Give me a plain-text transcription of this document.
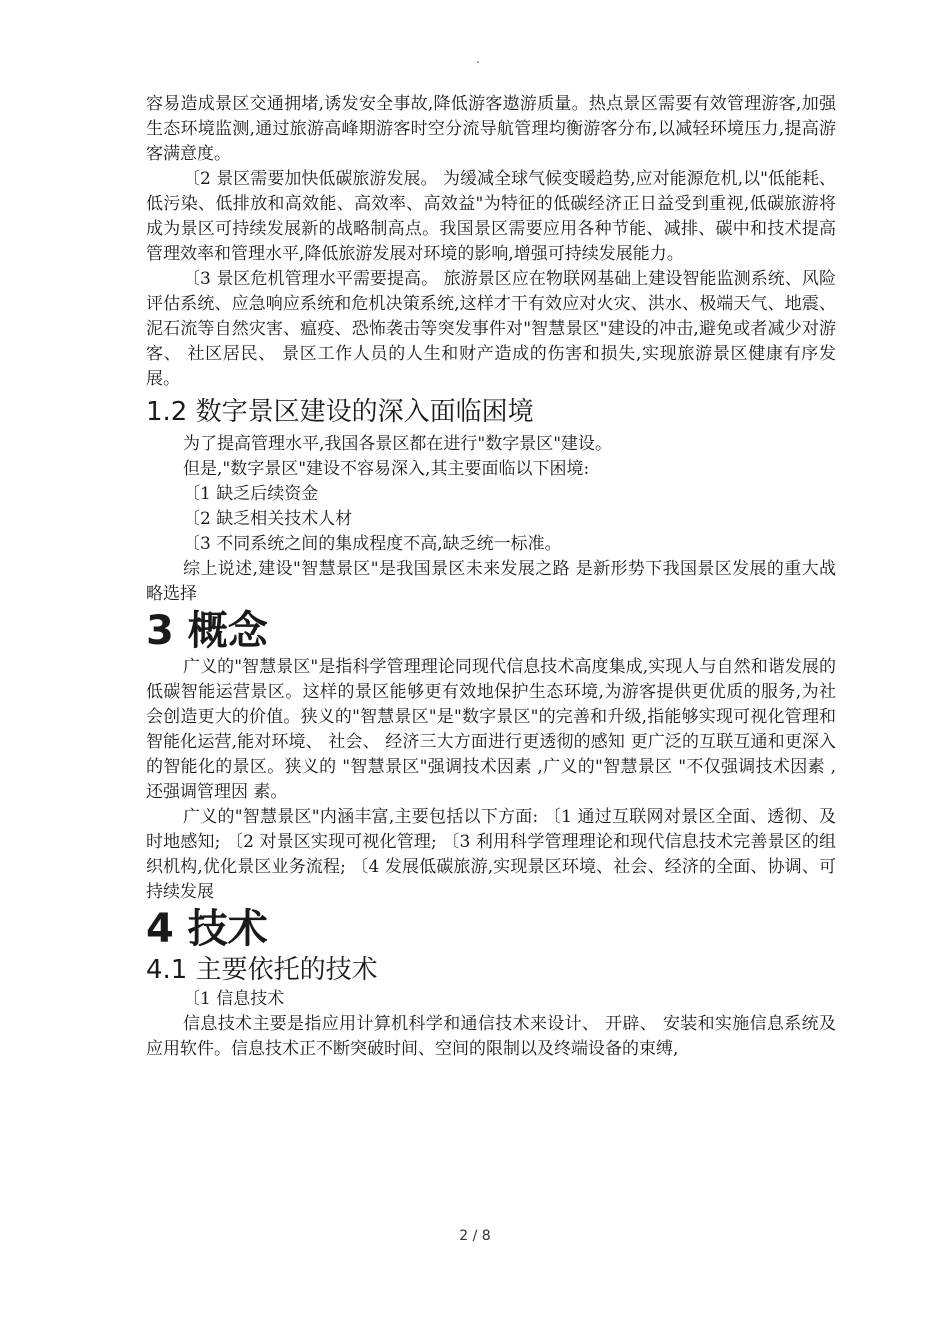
.

容易造成景区交通拥堵,诱发安全事故,降低游客遨游质量。热点景区需要有效管理游客,加强生态环境监测,通过旅游高峰期游客时空分流导航管理均衡游客分布,以减轻环境压力,提高游客满意度。

〔2 景区需要加快低碳旅游发展。 为缓减全球气候变暖趋势,应对能源危机,以"低能耗、低污染、低排放和高效能、高效率、高效益"为特征的低碳经济正日益受到重视,低碳旅游将成为景区可持续发展新的战略制高点。我国景区需要应用各种节能、减排、碳中和技术提高管理效率和管理水平,降低旅游发展对环境的影响,增强可持续发展能力。

〔3 景区危机管理水平需要提高。 旅游景区应在物联网基础上建设智能监测系统、风险评估系统、应急响应系统和危机决策系统,这样才干有效应对火灾、洪水、极端天气、地震、泥石流等自然灾害、瘟疫、恐怖袭击等突发事件对"智慧景区"建设的冲击,避免或者减少对游客、 社区居民、 景区工作人员的人生和财产造成的伤害和损失,实现旅游景区健康有序发展。

1.2 数字景区建设的深入面临困境

为了提高管理水平,我国各景区都在进行"数字景区"建设。

但是,"数字景区"建设不容易深入,其主要面临以下困境:

〔1 缺乏后续资金

〔2 缺乏相关技术人材

〔3 不同系统之间的集成程度不高,缺乏统一标准。

综上说述,建设"智慧景区"是我国景区未来发展之路 是新形势下我国景区发展的重大战略选择

3 概念

广义的"智慧景区"是指科学管理理论同现代信息技术高度集成,实现人与自然和谐发展的低碳智能运营景区。这样的景区能够更有效地保护生态环境,为游客提供更优质的服务,为社会创造更大的价值。狭义的"智慧景区"是"数字景区"的完善和升级,指能够实现可视化管理和智能化运营,能对环境、 社会、 经济三大方面进行更透彻的感知 更广泛的互联互通和更深入的智能化的景区。狭义的 "智慧景区"强调技术因素 ,广义的"智慧景区 "不仅强调技术因素 ,还强调管理因 素。

广义的"智慧景区"内涵丰富,主要包括以下方面: 〔1 通过互联网对景区全面、透彻、及时地感知; 〔2 对景区实现可视化管理; 〔3 利用科学管理理论和现代信息技术完善景区的组织机构,优化景区业务流程; 〔4 发展低碳旅游,实现景区环境、社会、经济的全面、协调、可持续发展

4 技术
4.1 主要依托的技术

〔1 信息技术

信息技术主要是指应用计算机科学和通信技术来设计、 开辟、 安装和实施信息系统及应用软件。信息技术正不断突破时间、空间的限制以及终端设备的束缚,

2 / 8
